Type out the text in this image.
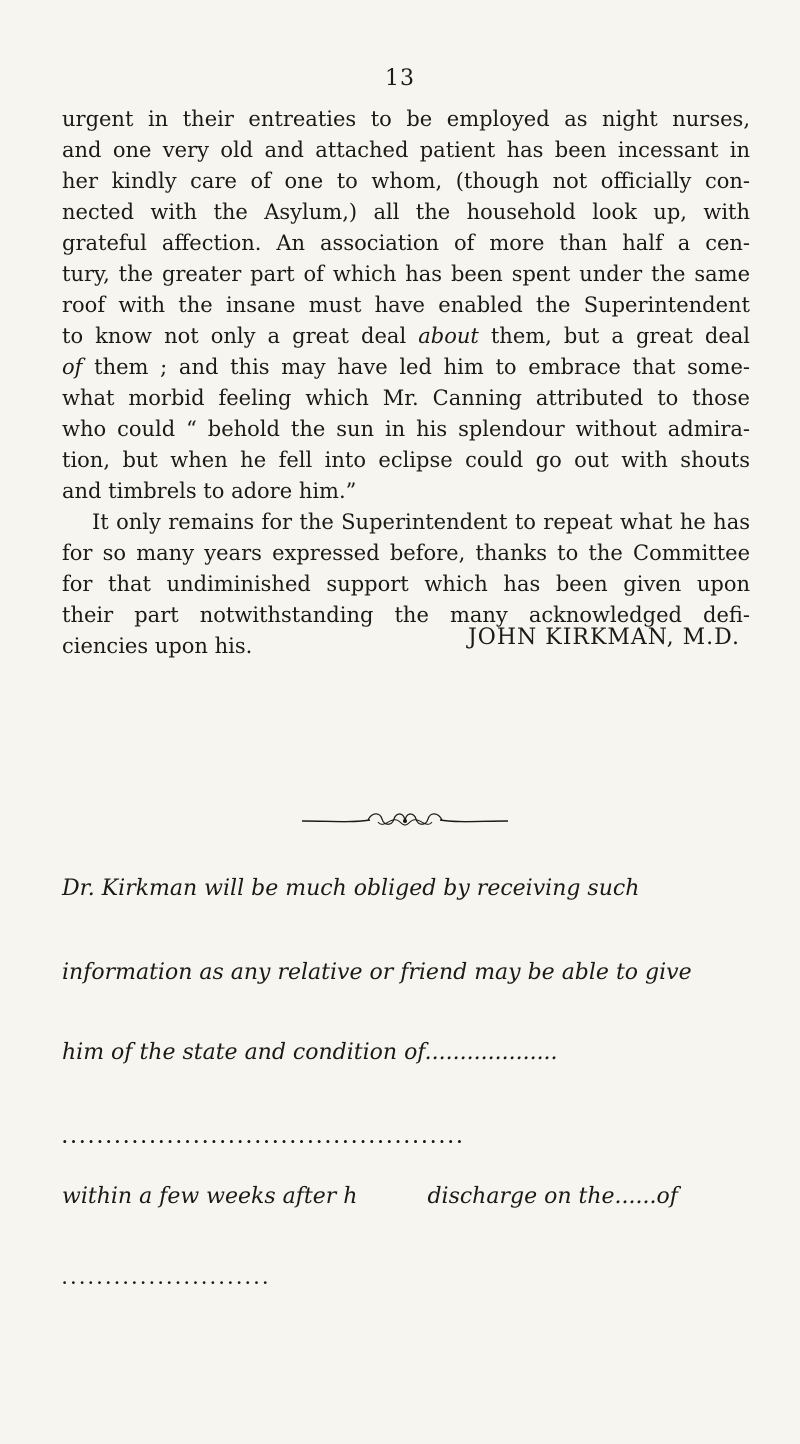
13
urgent in their entreaties to be employed as night nurses,
and one very old and attached patient has been incessant in
her kindly care of one to whom, (though not officially con-
nected with the Asylum,) all the household look up, with
grateful affection. An association of more than half a cen-
tury, the greater part of which has been spent under the same
roof with the insane must have enabled the Superintendent
to know not only a great deal about them, but a great deal
of them ; and this may have led him to embrace that some-
what morbid feeling which Mr. Canning attributed to those
who could “ behold the sun in his splendour without admira-
tion, but when he fell into eclipse could go out with shouts
and timbrels to adore him.”
It only remains for the Superintendent to repeat what he has
for so many years expressed before, thanks to the Committee
for that undiminished support which has been given upon
their part notwithstanding the many acknowledged defi-
ciencies upon his.	JOHN KIRKMAN, M.D.
Dr. Kirkman will be much obliged by receiving such
information as any relative or friend may be able to give
him of the state and condition of...................
..............................................
within a few weeks after h	discharge on the......of
........................
